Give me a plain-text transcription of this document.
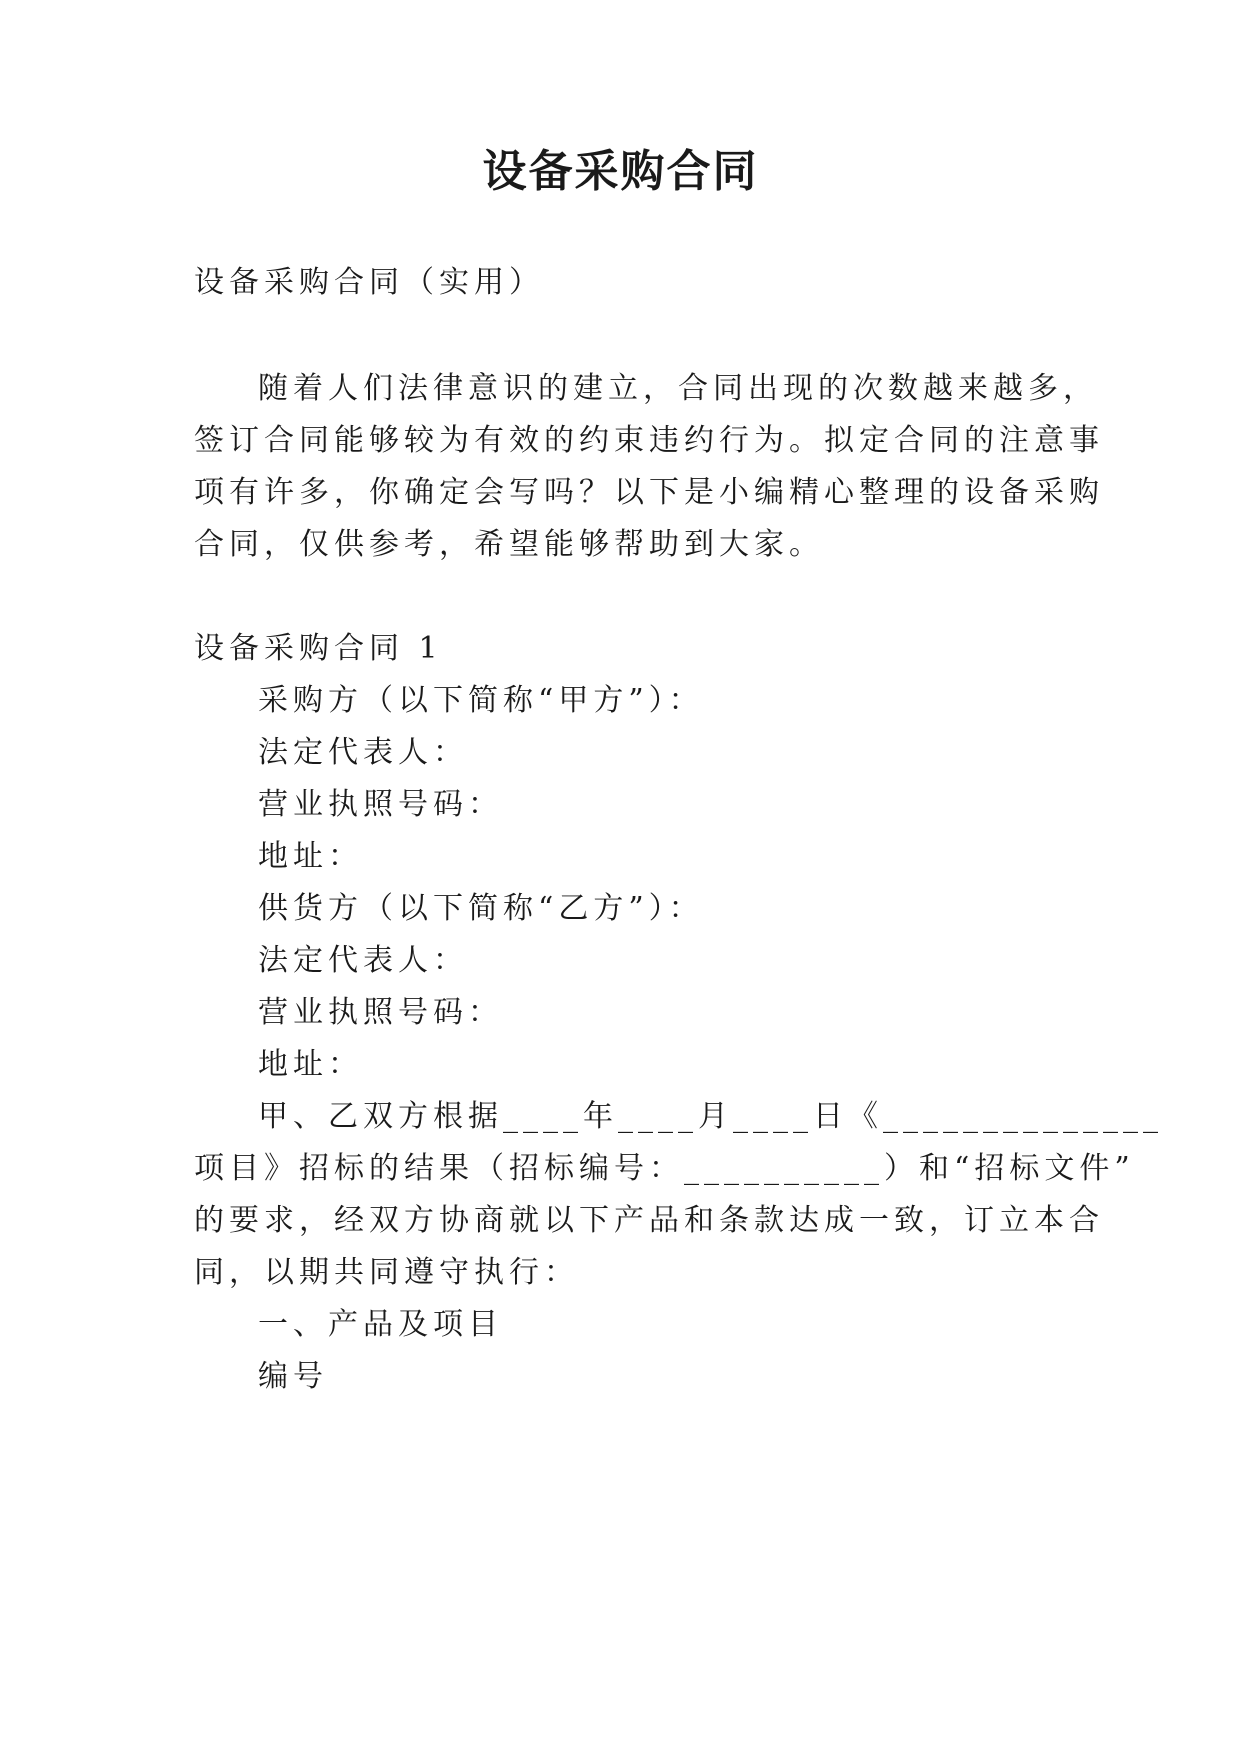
设备采购合同
设备采购合同（实用）
随着人们法律意识的建立，合同出现的次数越来越多，
签订合同能够较为有效的约束违约行为。拟定合同的注意事
项有许多，你确定会写吗？以下是小编精心整理的设备采购
合同，仅供参考，希望能够帮助到大家。
设备采购合同 1
采购方（以下简称“甲方”）：
法定代表人：
营业执照号码：
地址：
供货方（以下简称“乙方”）：
法定代表人：
营业执照号码：
地址：
甲、乙双方根据____年____月____日《______________
项目》招标的结果（招标编号：__________）和“招标文件”
的要求，经双方协商就以下产品和条款达成一致，订立本合
同，以期共同遵守执行：
一、产品及项目
编号
